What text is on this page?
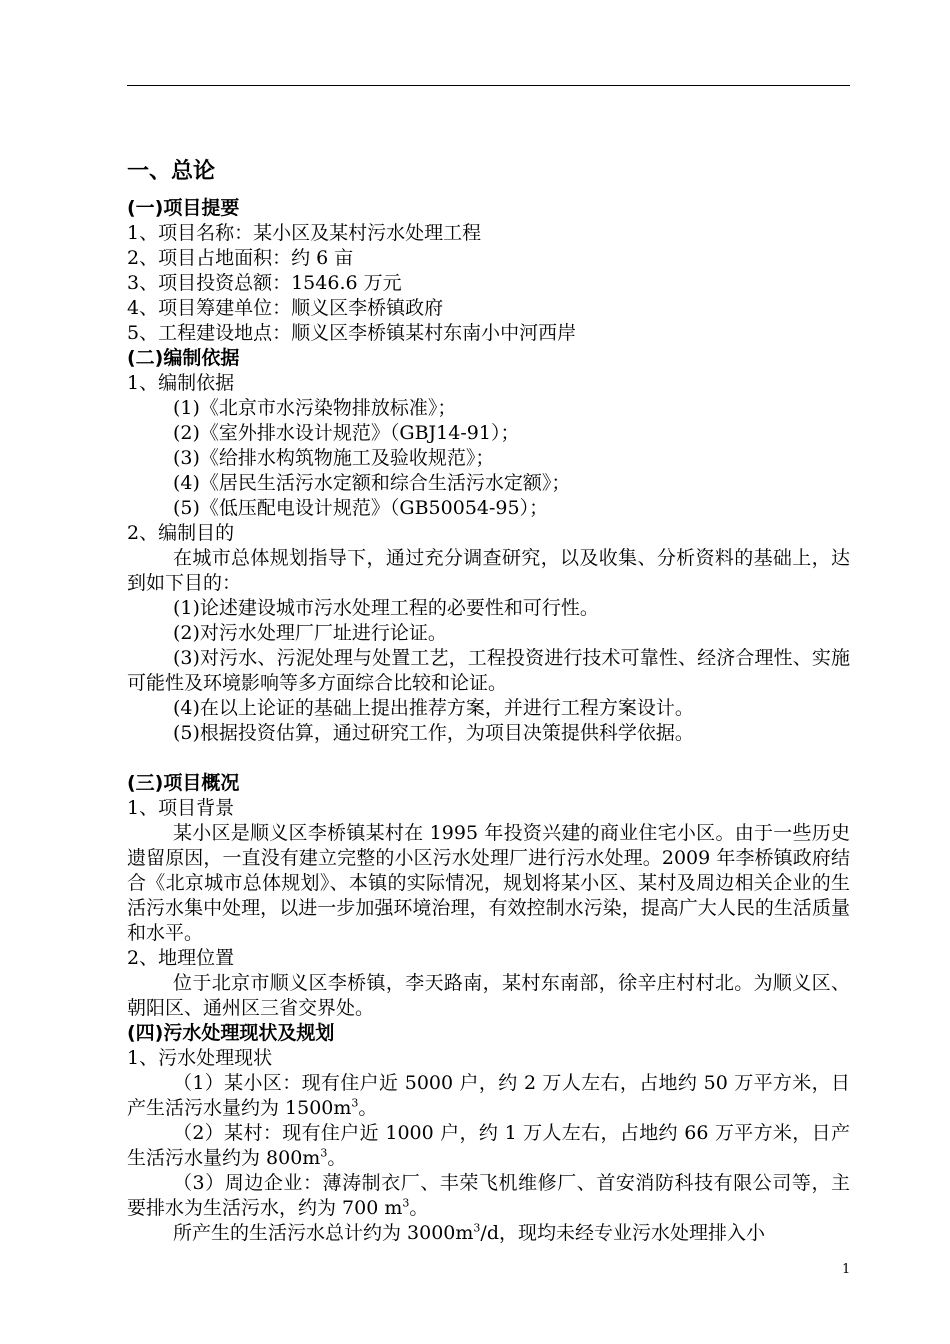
一、总论
(一)项目提要
1、项目名称：某小区及某村污水处理工程
2、项目占地面积：约 6 亩
3、项目投资总额：1546.6 万元
4、项目筹建单位：顺义区李桥镇政府
5、工程建设地点：顺义区李桥镇某村东南小中河西岸
(二)编制依据
1、编制依据
(1)《北京市水污染物排放标准》；
(2)《室外排水设计规范》（GBJ14-91）；
(3)《给排水构筑物施工及验收规范》；
(4)《居民生活污水定额和综合生活污水定额》；
(5)《低压配电设计规范》（GB50054-95）；
2、编制目的
在城市总体规划指导下，通过充分调查研究，以及收集、分析资料的基础上，达到如下目的：
(1)论述建设城市污水处理工程的必要性和可行性。
(2)对污水处理厂厂址进行论证。
(3)对污水、污泥处理与处置工艺，工程投资进行技术可靠性、经济合理性、实施可能性及环境影响等多方面综合比较和论证。
(4)在以上论证的基础上提出推荐方案，并进行工程方案设计。
(5)根据投资估算，通过研究工作，为项目决策提供科学依据。
(三)项目概况
1、项目背景
某小区是顺义区李桥镇某村在 1995 年投资兴建的商业住宅小区。由于一些历史遗留原因，一直没有建立完整的小区污水处理厂进行污水处理。2009 年李桥镇政府结合《北京城市总体规划》、本镇的实际情况，规划将某小区、某村及周边相关企业的生活污水集中处理，以进一步加强环境治理，有效控制水污染，提高广大人民的生活质量和水平。
2、地理位置
位于北京市顺义区李桥镇，李天路南，某村东南部，徐辛庄村村北。为顺义区、朝阳区、通州区三省交界处。
(四)污水处理现状及规划
1、污水处理现状
（1）某小区：现有住户近 5000 户，约 2 万人左右，占地约 50 万平方米，日产生活污水量约为 $1500m^3$。
（2）某村：现有住户近 1000 户，约 1 万人左右，占地约 66 万平方米，日产生活污水量约为 $800m^3$。
（3）周边企业：薄涛制衣厂、丰荣飞机维修厂、首安消防科技有限公司等，主要排水为生活污水，约为 700 $m^3$。
所产生的生活污水总计约为 $3000m^3/d$，现均未经专业污水处理排入小
1
